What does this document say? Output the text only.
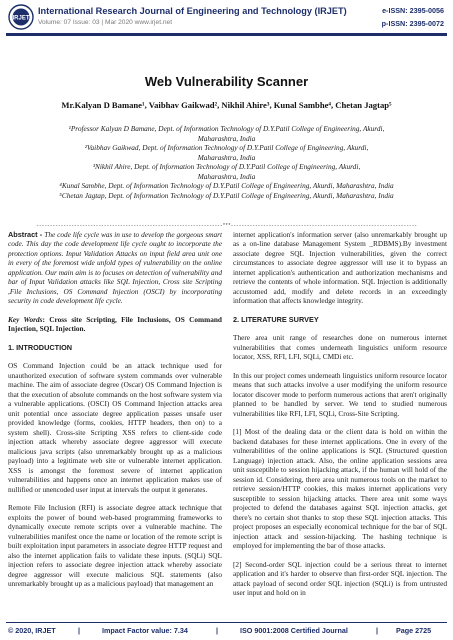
IRJET
International Research Journal of Engineering and Technology (IRJET)
Volume: 07 Issue: 03 | Mar 2020 www.irjet.net
e-ISSN: 2395-0056
p-ISSN: 2395-0072
Web Vulnerability Scanner
Mr.Kalyan D Bamane¹, Vaibhav Gaikwad², Nikhil Ahire³, Kunal Sambhe⁴, Chetan Jagtap⁵
¹Professor Kalyan D Bamane, Dept. of Information Technology of D.Y.Patil College of Engineering, Akurdi,
Maharashtra, India
²Vaibhav Gaikwad, Dept. of Information Technology of D.Y.Patil College of Engineering, Akurdi,
Maharashtra, India
³Nikhil Ahire, Dept. of Information Technology of D.Y.Patil College of Engineering, Akurdi,
Maharashtra, India
⁴Kunal Sambhe, Dept. of Information Technology of D.Y.Patil College of Engineering, Akurdi, Maharashtra, India
⁵Chetan Jagtap, Dept. of Information Technology of D.Y.Patil College of Engineering, Akurdi, Maharashtra, India
---------------------------------------------------------------------***---------------------------------------------------------------------

Abstract - The code life cycle was in use to develop the gorgeous smart code. This day the code development life cycle ought to incorporate the protection options. Input Validation Attacks on input field area unit one in every of the foremost wide unfold types of vulnerability on the online application. Our main aim is to focuses on detection of vulnerability and bar of Input Validation attacks like SQL Injection, Cross site Scripting ,File Inclusions, OS Command Injection (OSCI) by incorporating security in code development life cycle.

Key Words: Cross site Scripting, File Inclusions, OS Command Injection, SQL Injection.

1. INTRODUCTION

OS Command Injection could be an attack technique used for unauthorized execution of software system commands over vulnerable machine. The aim of associate degree (Oscar) OS Command Injection is that the execution of absolute commands on the host software system via a vulnerable applications. (OSCI) OS Command Injection attacks area unit potential once associate degree application passes unsafe user provided knowledge (forms, cookies, HTTP headers, then on) to a system shell). Cross-site Scripting XSS refers to client-side code injection attack whereby associate degree aggressor will execute malicious java scripts (also unremarkably brought up as a malicious payload) into a legitimate web site or vulnerable internet application. XSS is amongst the foremost severe of internet application vulnerabilities and happens once an internet application makes use of nullified or unencoded user input at intervals the output it generates.

Remote File Inclusion (RFI) is associate degree attack technique that exploits the power of bound web-based programming frameworks to dynamically execute remote scripts over a vulnerable machine. The vulnerabilities manifest once the name or location of the remote script is built exploitation input parameters in associate degree HTTP request and also the internet application fails to validate these inputs. (SQLi) SQL injection refers to associate degree injection attack whereby associate degree aggressor will execute malicious SQL statements (also unremarkably brought up as a malicious payload) that management an

internet application's information server (also unremarkably brought up as a on-line database Management System _RDBMS).By investment associate degree SQL Injection vulnerabilities, given the correct circumstances to associate degree aggressor will use it to bypass an internet application's authentication and authorization mechanisms and retrieve the contents of whole information. SQL Injection is additionally accustomed add, modify and delete records in an exceedingly information that affects knowledge integrity.

2. LITERATURE SURVEY

There area unit range of researches done on numerous internet vulnerabilities that comes underneath linguistics uniform resource locator, XSS, RFI, LFI, SQLi, CMDi etc.

In this our project comes underneath linguistics uniform resource locator means that such attacks involve a user modifying the uniform resource locator discover mode to perform numerous actions that aren't originally planned to be handled by server. We tend to studied numerous vulnerabilities like RFI, LFI, SQLi, Cross-Site Scripting.

[1] Most of the dealing data or the client data is hold on within the backend databases for these internet applications. One in every of the vulnerabilities of the online applications is SQL (Structured question Language) injection attack. Also, the online application sessions area unit susceptible to session hijacking attack, if the human will hold of the session id. Considering, there area unit numerous tools on the market to retrieve session/HTTP cookies, this makes internet applications very susceptible to session hijacking attacks. There area unit some ways projected to defend the databases against SQL injection attacks, get there's no certain shot thanks to stop these SQL injection attacks. This project proposes an especially economical technique for the bar of SQL injection attack and session-hijacking. The hashing technique is employed for implementing the bar of those attacks.

[2] Second-order SQL injection could be a serious threat to internet application and it's harder to observe than first-order SQL injection. The attack payload of second order SQL injection (SQLi) is from untrusted user input and hold on in

© 2020, IRJET	|	Impact Factor value: 7.34	|	ISO 9001:2008 Certified Journal	| Page 2725
